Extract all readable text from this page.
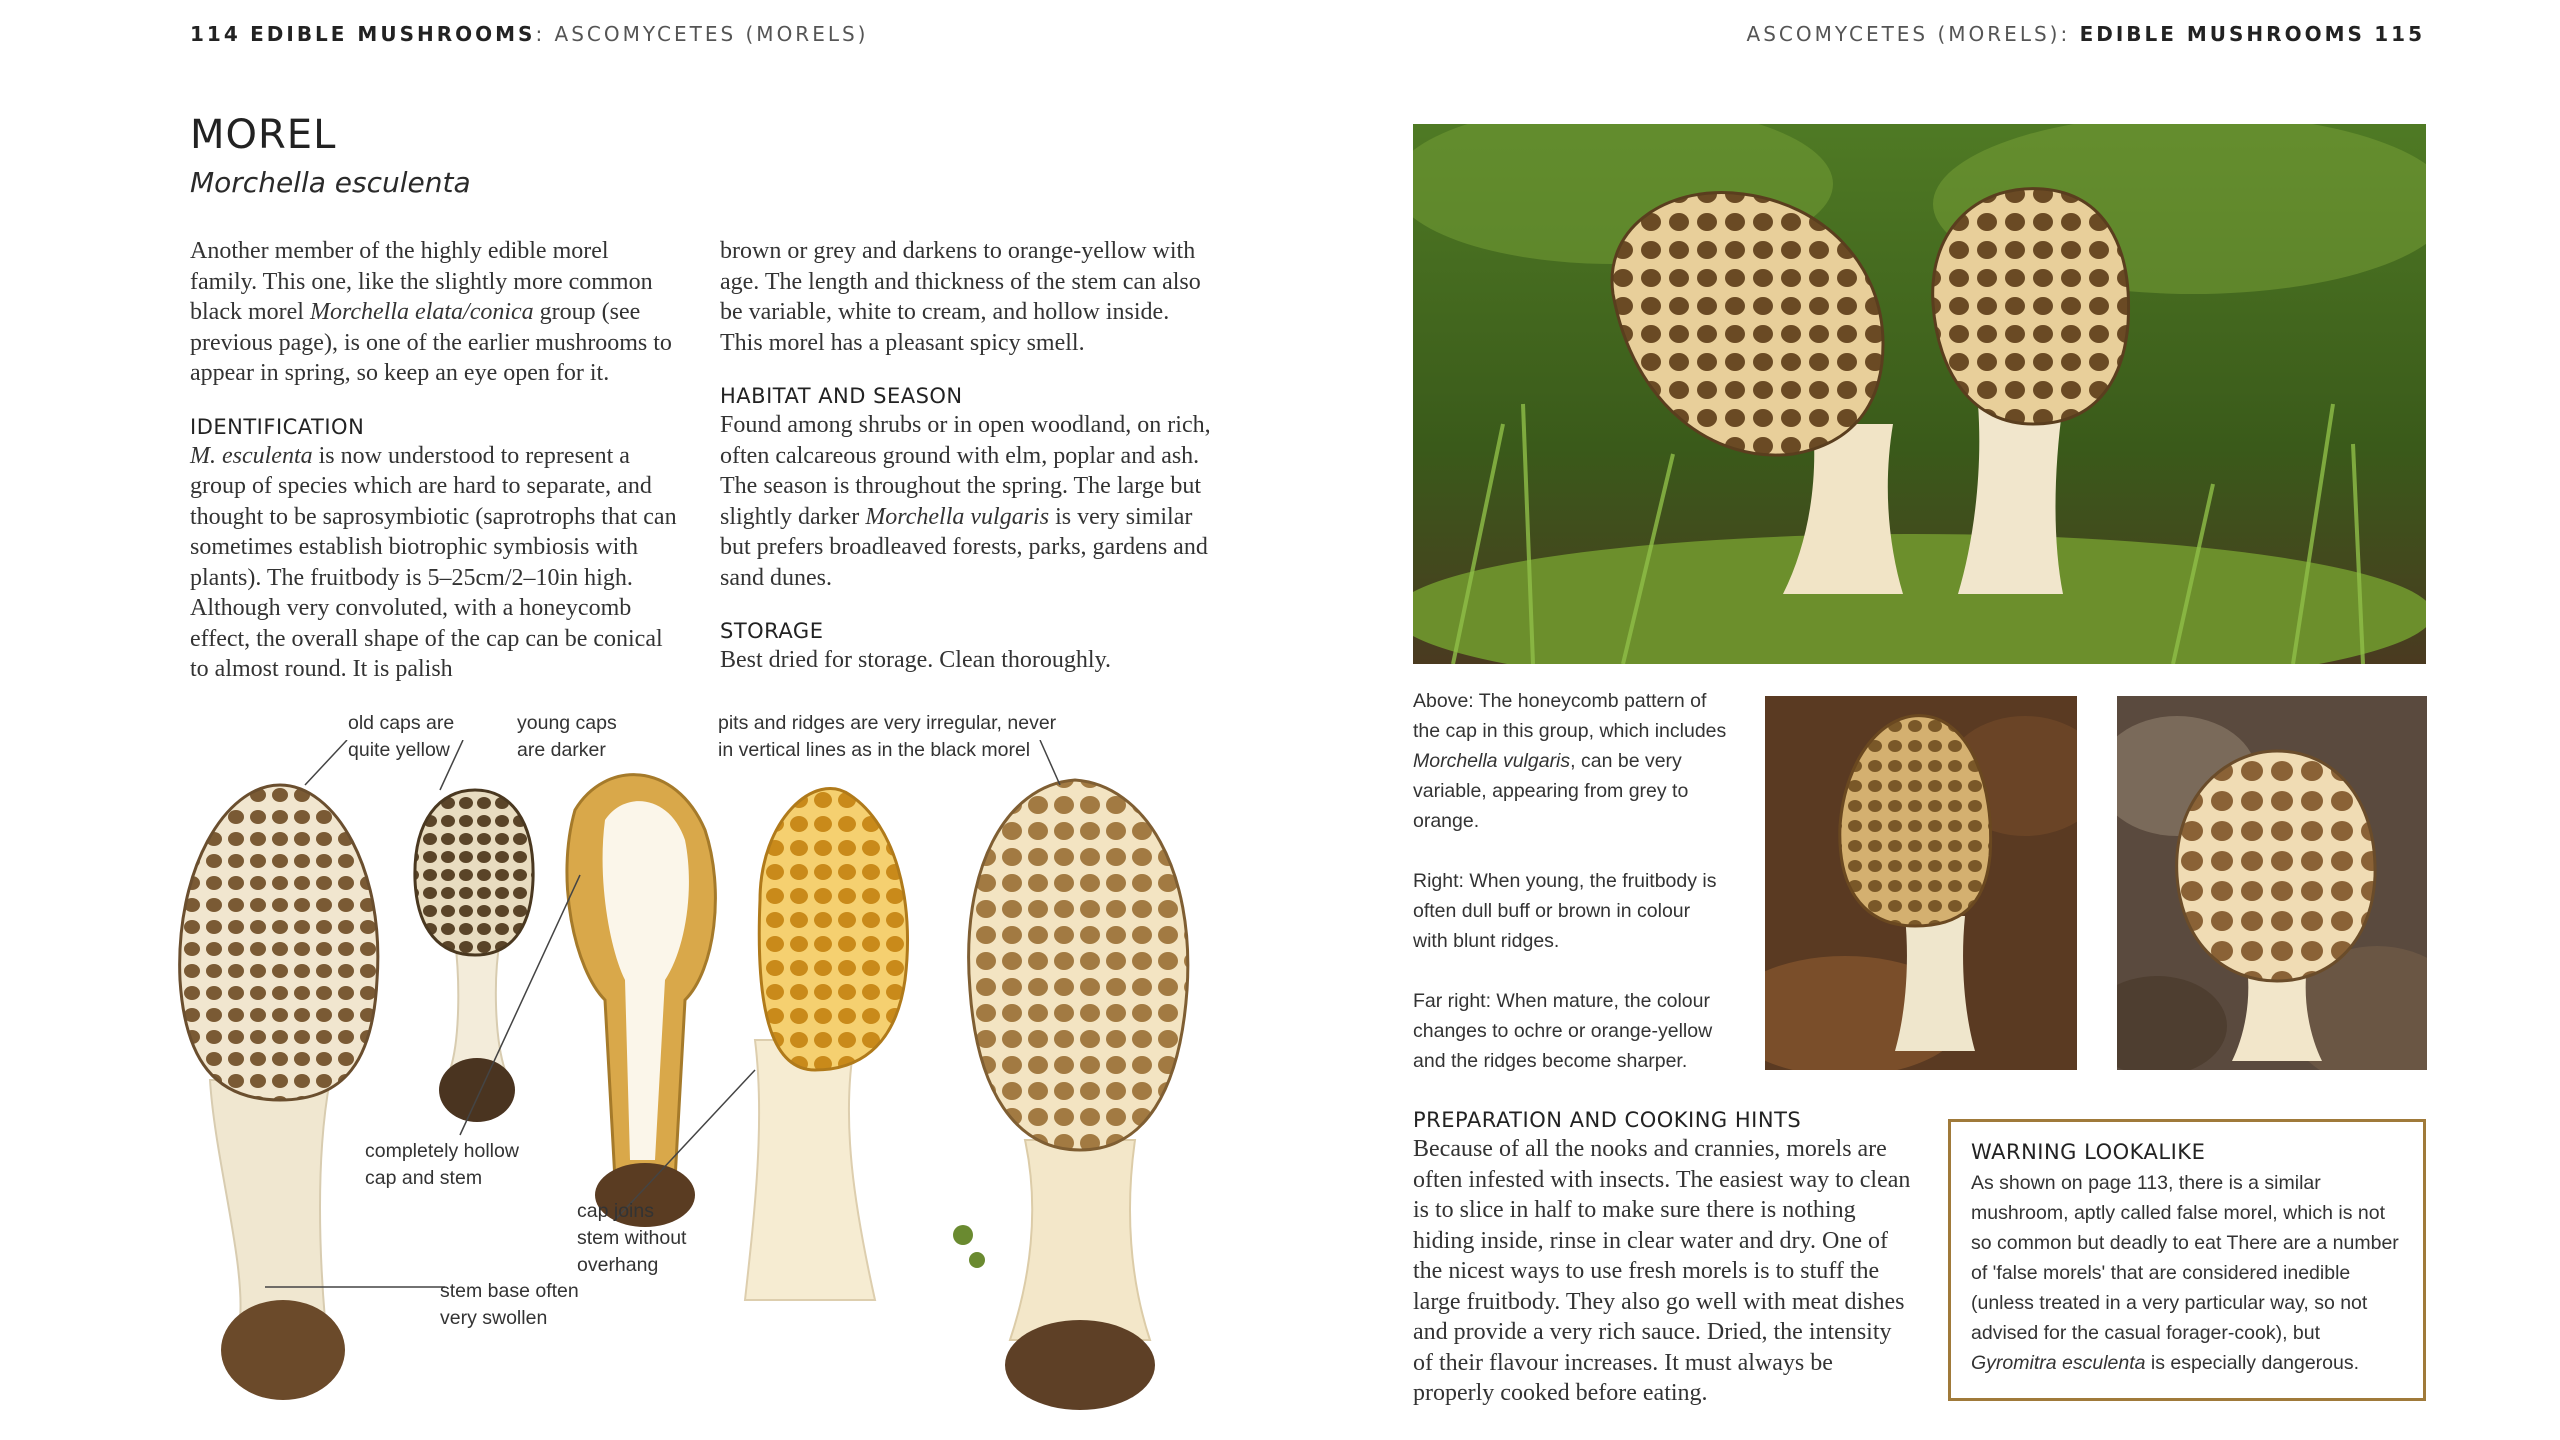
114 EDIBLE MUSHROOMS: ASCOMYCETES (MORELS)	ASCOMYCETES (MORELS): EDIBLE MUSHROOMS 115
MOREL
Morchella esculenta

Another member of the highly edible morel family. This one, like the slightly more common black morel Morchella elata/conica group (see previous page), is one of the earlier mushrooms to appear in spring, so keep an eye open for it.

IDENTIFICATION

M. esculenta is now understood to represent a group of species which are hard to separate, and thought to be saprosymbiotic (saprotrophs that can sometimes establish biotrophic symbiosis with plants). The fruitbody is 5–25cm/2–10in high. Although very convoluted, with a honeycomb effect, the overall shape of the cap can be conical to almost round. It is palish

brown or grey and darkens to orange-yellow with age. The length and thickness of the stem can also be variable, white to cream, and hollow inside. This morel has a pleasant spicy smell.

HABITAT AND SEASON

Found among shrubs or in open woodland, on rich, often calcareous ground with elm, poplar and ash. The season is throughout the spring. The large but slightly darker Morchella vulgaris is very similar but prefers broadleaved forests, parks, gardens and sand dunes.

STORAGE

Best dried for storage. Clean thoroughly.

old caps are
quite yellow
young caps
are darker
pits and ridges are very irregular, never
in vertical lines as in the black morel
completely hollow
cap and stem
cap joins
stem without
overhang
stem base often
very swollen
Above: The honeycomb pattern of the cap in this group, which includes Morchella vulgaris, can be very variable, appearing from grey to orange.
Right: When young, the fruitbody is often dull buff or brown in colour with blunt ridges.
Far right: When mature, the colour changes to ochre or orange-yellow and the ridges become sharper.
PREPARATION AND COOKING HINTS

Because of all the nooks and crannies, morels are often infested with insects. The easiest way to clean is to slice in half to make sure there is nothing hiding inside, rinse in clear water and dry. One of the nicest ways to use fresh morels is to stuff the large fruitbody. They also go well with meat dishes and provide a very rich sauce. Dried, the intensity of their flavour increases. It must always be properly cooked before eating.

WARNING LOOKALIKE
As shown on page 113, there is a similar mushroom, aptly called false morel, which is not so common but deadly to eat There are a number of 'false morels' that are considered inedible (unless treated in a very particular way, so not advised for the casual forager-cook), but Gyromitra esculenta is especially dangerous.
